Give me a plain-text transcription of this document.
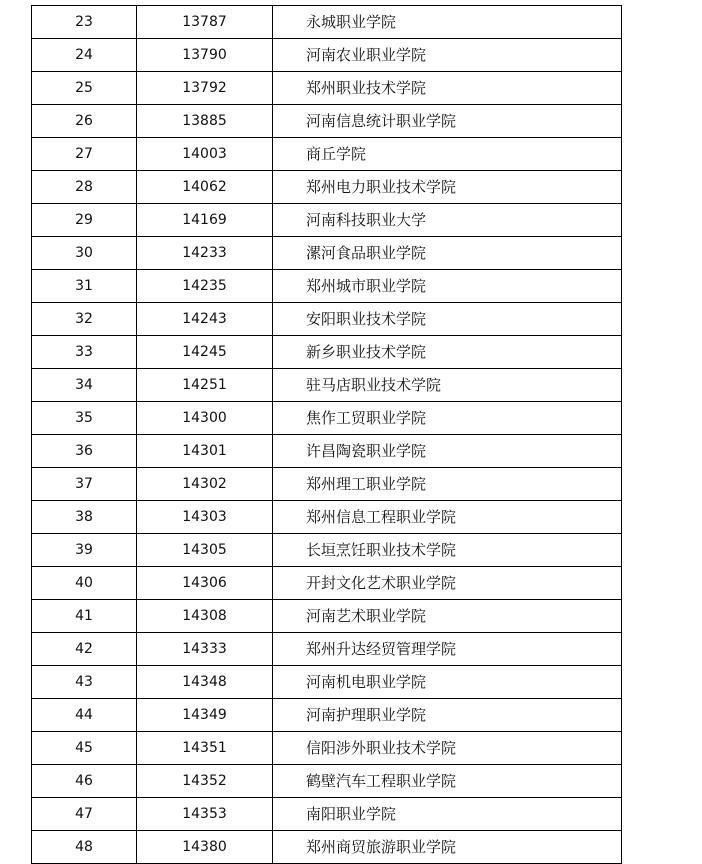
23	13787	永城职业学院
24	13790	河南农业职业学院
25	13792	郑州职业技术学院
26	13885	河南信息统计职业学院
27	14003	商丘学院
28	14062	郑州电力职业技术学院
29	14169	河南科技职业大学
30	14233	漯河食品职业学院
31	14235	郑州城市职业学院
32	14243	安阳职业技术学院
33	14245	新乡职业技术学院
34	14251	驻马店职业技术学院
35	14300	焦作工贸职业学院
36	14301	许昌陶瓷职业学院
37	14302	郑州理工职业学院
38	14303	郑州信息工程职业学院
39	14305	长垣烹饪职业技术学院
40	14306	开封文化艺术职业学院
41	14308	河南艺术职业学院
42	14333	郑州升达经贸管理学院
43	14348	河南机电职业学院
44	14349	河南护理职业学院
45	14351	信阳涉外职业技术学院
46	14352	鹤壁汽车工程职业学院
47	14353	南阳职业学院
48	14380	郑州商贸旅游职业学院
